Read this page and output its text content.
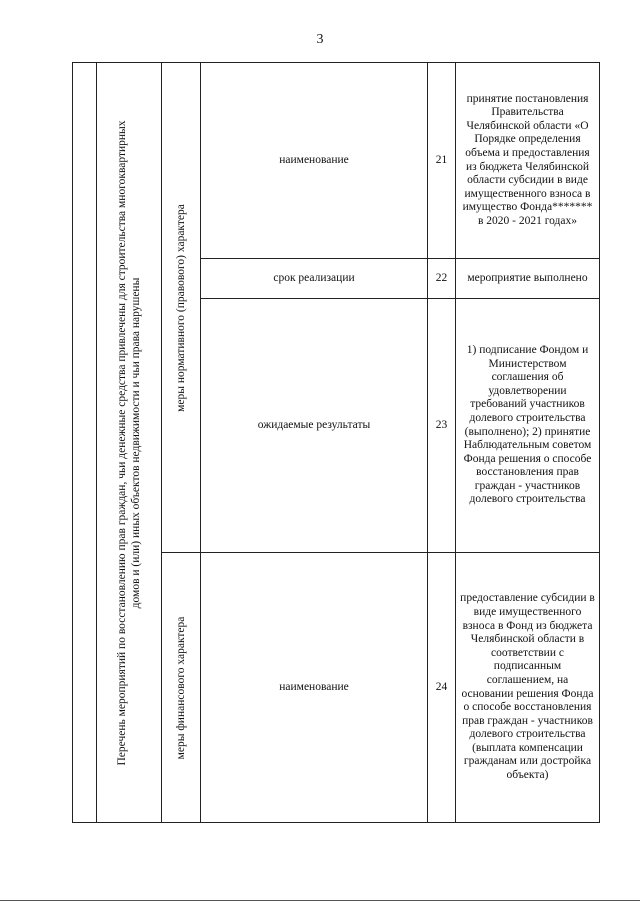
3

	Перечень мероприятий по восстановлению прав граждан, чьи денежные средства привлечены для строительства многоквартирных домов и (или) иных объектов недвижимости и чьи права нарушены	меры нормативного (правового) характера	наименование	21	принятие постановления Правительства Челябинской области «О Порядке определения объема и предоставления из бюджета Челябинской области субсидии в виде имущественного взноса в имущество Фонда******* в 2020 - 2021 годах»
			срок реализации	22	мероприятие выполнено
			ожидаемые результаты	23	1) подписание Фондом и Министерством соглашения об удовлетворении требований участников долевого строительства (выполнено); 2) принятие Наблюдательным советом Фонда решения о способе восстановления прав граждан - участников долевого строительства

		меры финансового характера	наименование	24	предоставление субсидии в виде имущественного взноса в Фонд из бюджета Челябинской области в соответствии с подписанным соглашением, на основании решения Фонда о способе восстановления прав граждан - участников долевого строительства (выплата компенсации гражданам или достройка объекта)
